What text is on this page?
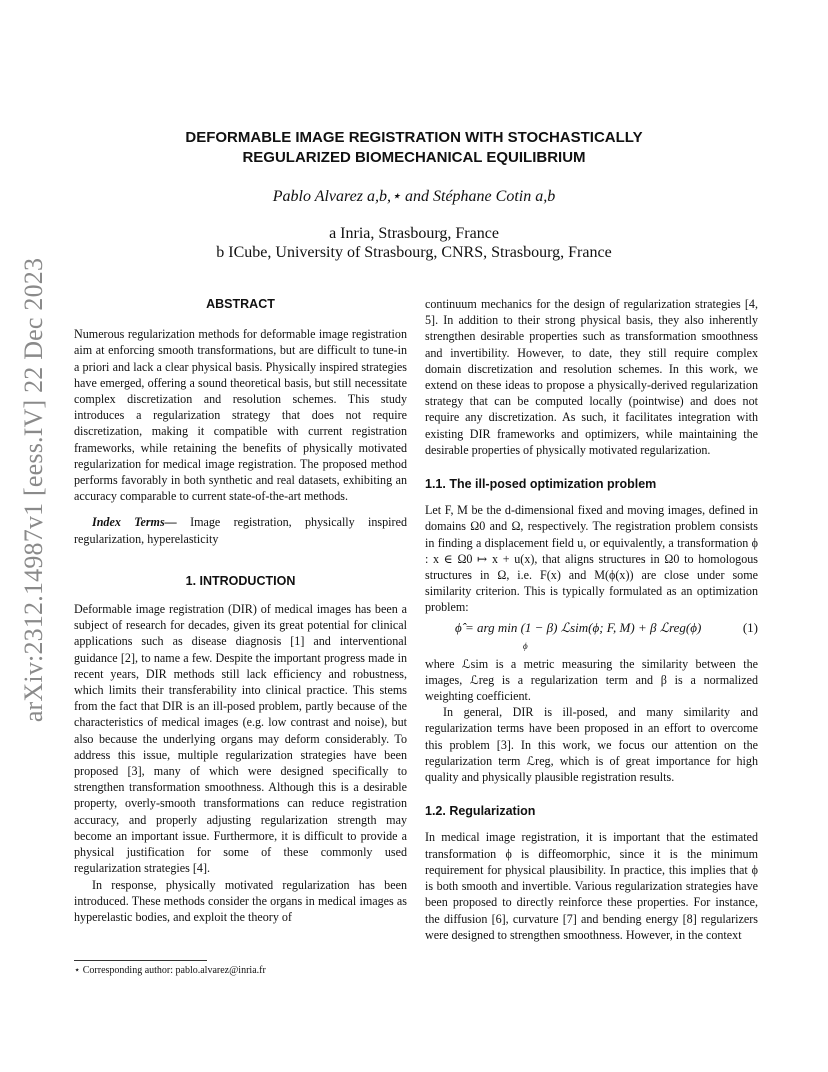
arXiv:2312.14987v1 [eess.IV] 22 Dec 2023
DEFORMABLE IMAGE REGISTRATION WITH STOCHASTICALLY
REGULARIZED BIOMECHANICAL EQUILIBRIUM
Pablo Alvarez a,b,⋆ and Stéphane Cotin a,b
a Inria, Strasbourg, France
b ICube, University of Strasbourg, CNRS, Strasbourg, France

ABSTRACT

Numerous regularization methods for deformable image registration aim at enforcing smooth transformations, but are difficult to tune-in a priori and lack a clear physical basis. Physically inspired strategies have emerged, offering a sound theoretical basis, but still necessitate complex discretization and resolution schemes. This study introduces a regularization strategy that does not require discretization, making it compatible with current registration frameworks, while retaining the benefits of physically motivated regularization for medical image registration. The proposed method performs favorably in both synthetic and real datasets, exhibiting an accuracy comparable to current state-of-the-art methods.

Index Terms— Image registration, physically inspired regularization, hyperelasticity

1. INTRODUCTION

Deformable image registration (DIR) of medical images has been a subject of research for decades, given its great potential for clinical applications such as disease diagnosis [1] and interventional guidance [2], to name a few. Despite the important progress made in recent years, DIR methods still lack efficiency and robustness, which limits their transferability into clinical practice. This stems from the fact that DIR is an ill-posed problem, partly because of the characteristics of medical images (e.g. low contrast and noise), but also because the underlying organs may deform considerably. To address this issue, multiple regularization strategies have been proposed [3], many of which were designed specifically to strengthen transformation smoothness. Although this is a desirable property, overly-smooth transformations can reduce registration accuracy, and properly adjusting regularization strength may become an important issue. Furthermore, it is difficult to provide a physical justification for some of these commonly used regularization strategies [4].

In response, physically motivated regularization has been introduced. These methods consider the organs in medical images as hyperelastic bodies, and exploit the theory of

⋆ Corresponding author: pablo.alvarez@inria.fr

continuum mechanics for the design of regularization strategies [4, 5]. In addition to their strong physical basis, they also inherently strengthen desirable properties such as transformation smoothness and invertibility. However, to date, they still require complex domain discretization and resolution schemes. In this work, we extend on these ideas to propose a physically-derived regularization strategy that can be computed locally (pointwise) and does not require any discretization. As such, it facilitates integration with existing DIR frameworks and optimizers, while maintaining the desirable properties of physically motivated regularization.

1.1. The ill-posed optimization problem

Let F, M be the d-dimensional fixed and moving images, defined in domains Ω0 and Ω, respectively. The registration problem consists in finding a displacement field u, or equivalently, a transformation ϕ : x ∈ Ω0 ↦ x + u(x), that aligns structures in Ω0 to homologous structures in Ω, i.e. F(x) and M(ϕ(x)) are close under some similarity criterion. This is typically formulated as an optimization problem:

ϕ̂ = arg min (1 − β) ℒsim(ϕ; F, M) + β ℒreg(ϕ)
ϕ
(1)

where ℒsim is a metric measuring the similarity between the images, ℒreg is a regularization term and β is a normalized weighting coefficient.

In general, DIR is ill-posed, and many similarity and regularization terms have been proposed in an effort to overcome this problem [3]. In this work, we focus our attention on the regularization term ℒreg, which is of great importance for high quality and physically plausible registration results.

1.2. Regularization

In medical image registration, it is important that the estimated transformation ϕ is diffeomorphic, since it is the minimum requirement for physical plausibility. In practice, this implies that ϕ is both smooth and invertible. Various regularization strategies have been proposed to directly reinforce these properties. For instance, the diffusion [6], curvature [7] and bending energy [8] regularizers were designed to strengthen smoothness. However, in the context
